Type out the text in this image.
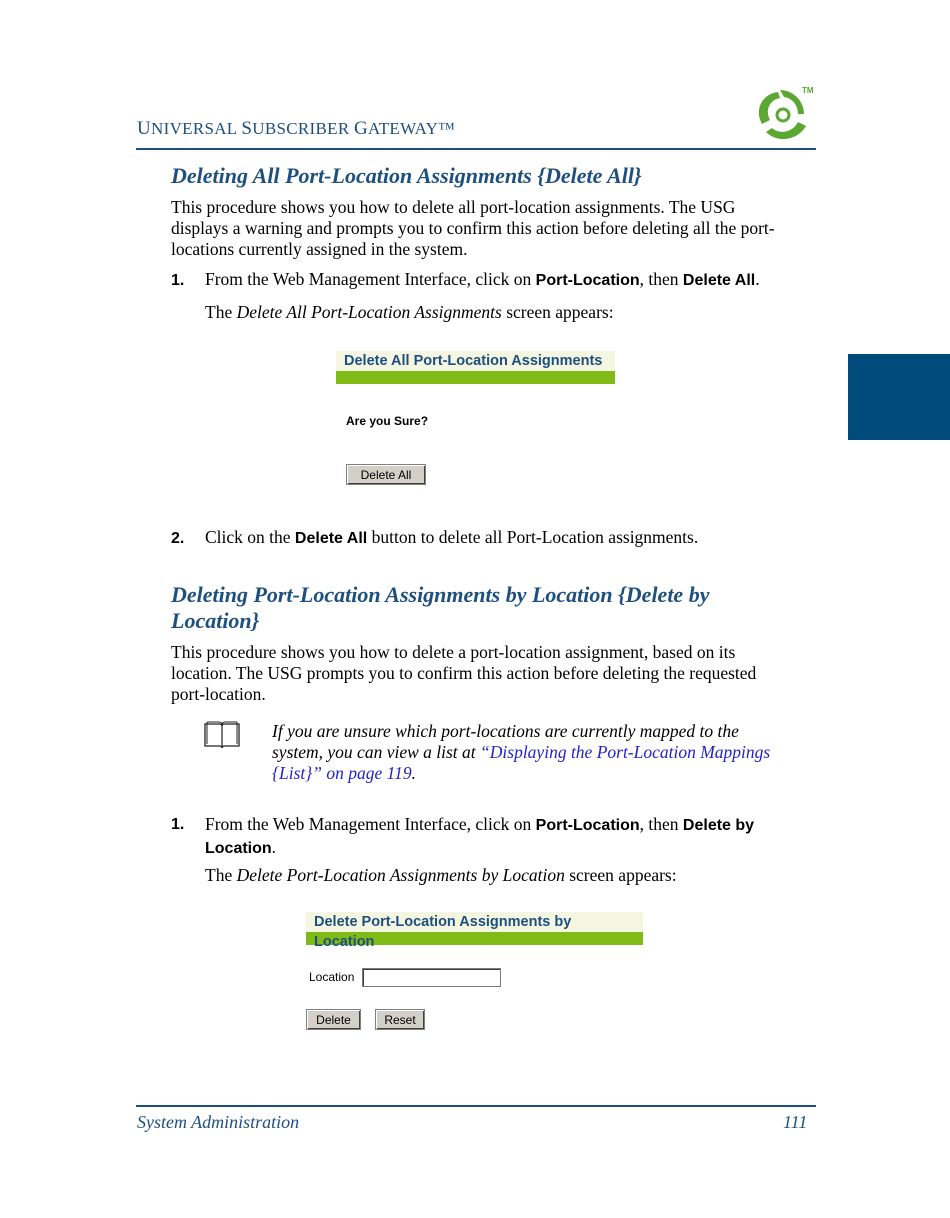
UNIVERSAL SUBSCRIBER GATEWAY™
TM
Deleting All Port-Location Assignments {Delete All}
This procedure shows you how to delete all port-location assignments. The USG
displays a warning and prompts you to confirm this action before deleting all the port-
locations currently assigned in the system.
1. From the Web Management Interface, click on Port-Location, then Delete All.
The Delete All Port-Location Assignments screen appears:
Delete All Port-Location Assignments
Are you Sure?
Delete All
2. Click on the Delete All button to delete all Port-Location assignments.
Deleting Port-Location Assignments by Location {Delete by
Location}
This procedure shows you how to delete a port-location assignment, based on its
location. The USG prompts you to confirm this action before deleting the requested
port-location.
If you are unsure which port-locations are currently mapped to the
system, you can view a list at “Displaying the Port-Location Mappings
{List}” on page 119.
1. From the Web Management Interface, click on Port-Location, then Delete by
Location.
The Delete Port-Location Assignments by Location screen appears:
Delete Port-Location Assignments by Location
Location
Delete	Reset
System Administration	111
